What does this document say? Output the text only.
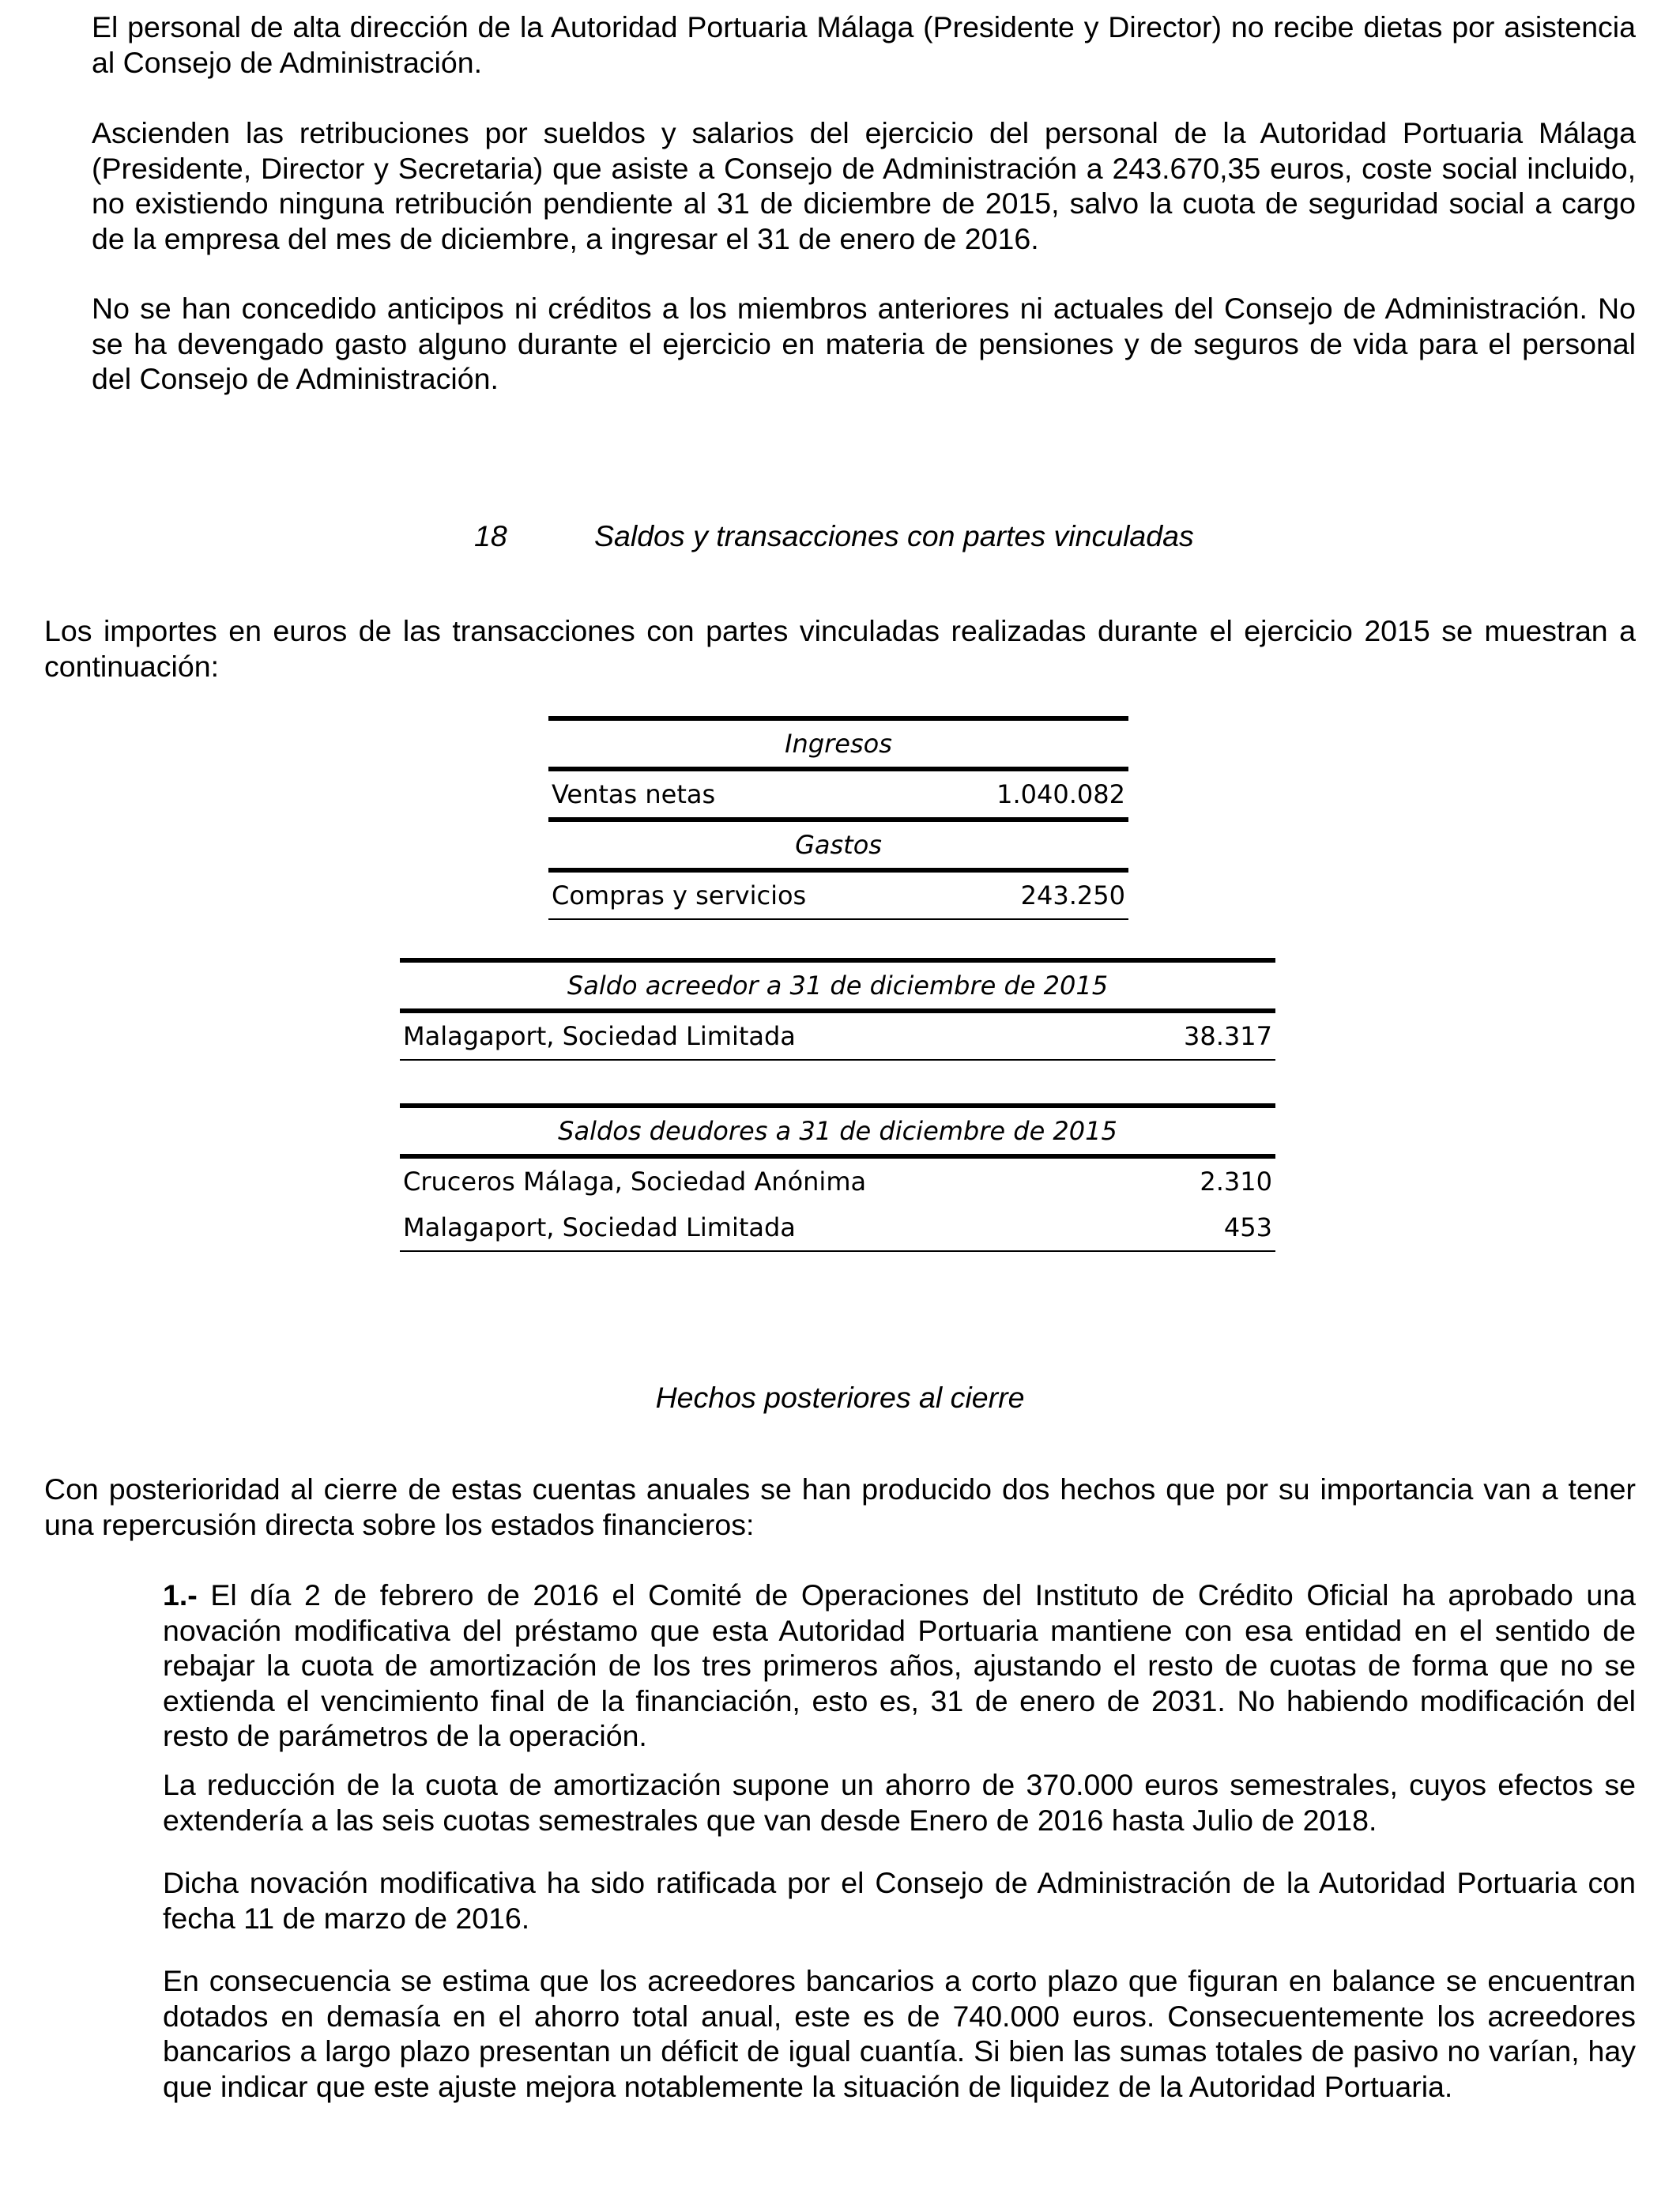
El personal de alta dirección de la Autoridad Portuaria Málaga (Presidente y Director) no recibe dietas por asistencia al Consejo de Administración.

Ascienden las retribuciones por sueldos y salarios del ejercicio del personal de la Autoridad Portuaria Málaga (Presidente, Director y Secretaria) que asiste a Consejo de Administración a 243.670,35 euros, coste social incluido, no existiendo ninguna retribución pendiente al 31 de diciembre de 2015, salvo la cuota de seguridad social a cargo de la empresa del mes de diciembre, a ingresar el 31 de enero de 2016.

No se han concedido anticipos ni créditos a los miembros anteriores ni actuales del Consejo de Administración. No se ha devengado gasto alguno durante el ejercicio en materia de pensiones y de seguros de vida para el personal del Consejo de Administración.

18	Saldos y transacciones con partes vinculadas

Los importes en euros de las transacciones con partes vinculadas realizadas durante el ejercicio 2015 se muestran a continuación:

Ingresos
Ventas netas	1.040.082
Gastos
Compras y servicios	243.250
Saldo acreedor a 31 de diciembre de 2015
Malagaport, Sociedad Limitada	38.317
Saldos deudores a 31 de diciembre de 2015
Cruceros Málaga, Sociedad Anónima	2.310
Malagaport, Sociedad Limitada	453
Hechos posteriores al cierre

Con posterioridad al cierre de estas cuentas anuales se han producido dos hechos que por su importancia van a tener una repercusión directa sobre los estados financieros:

1.- El día 2 de febrero de 2016 el Comité de Operaciones del Instituto de Crédito Oficial ha aprobado una novación modificativa del préstamo que esta Autoridad Portuaria mantiene con esa entidad en el sentido de rebajar la cuota de amortización de los tres primeros años, ajustando el resto de cuotas de forma que no se extienda el vencimiento final de la financiación, esto es, 31 de enero de 2031. No habiendo modificación del resto de parámetros de la operación.

La reducción de la cuota de amortización supone un ahorro de 370.000 euros semestrales, cuyos efectos se extendería a las seis cuotas semestrales que van desde Enero de 2016 hasta Julio de 2018.

Dicha novación modificativa ha sido ratificada por el Consejo de Administración de la Autoridad Portuaria con fecha 11 de marzo de 2016.

En consecuencia se estima que los acreedores bancarios a corto plazo que figuran en balance se encuentran dotados en demasía en el ahorro total anual, este es de 740.000 euros. Consecuentemente los acreedores bancarios a largo plazo presentan un déficit de igual cuantía. Si bien las sumas totales de pasivo no varían, hay que indicar que este ajuste mejora notablemente la situación de liquidez de la Autoridad Portuaria.
